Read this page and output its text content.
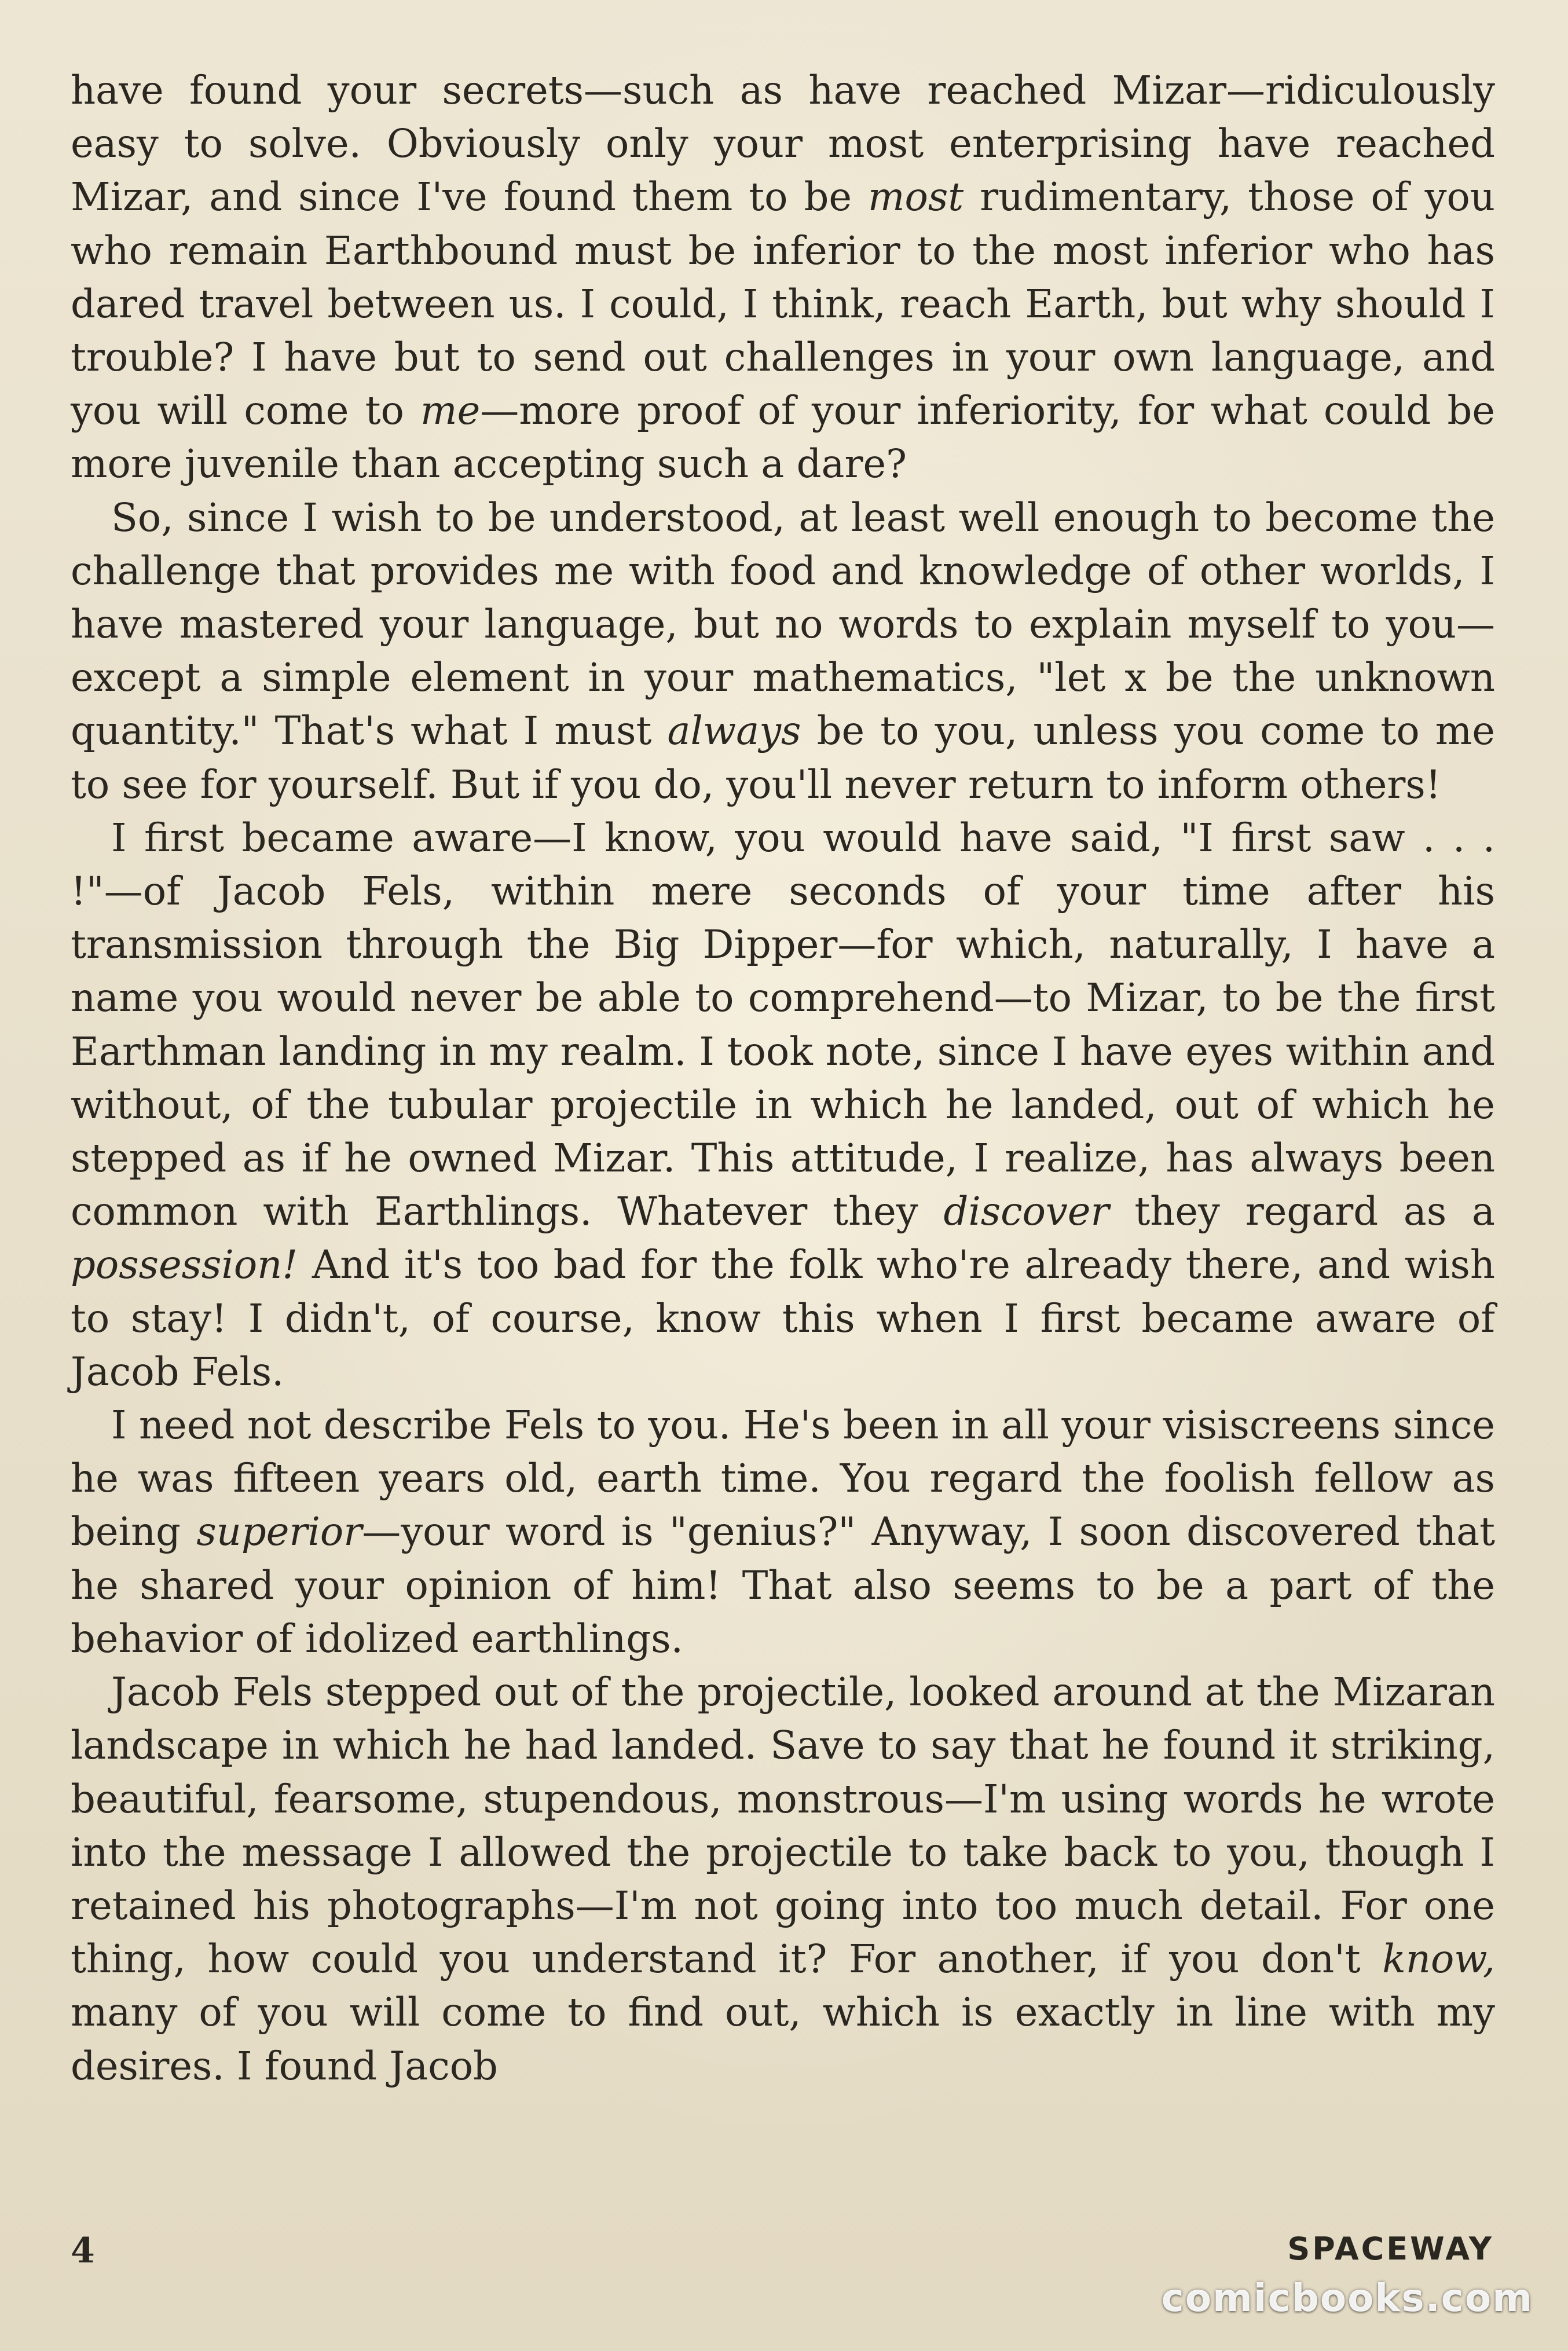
have found your secrets—such as have reached Mizar—ridiculously easy to solve. Obviously only your most enterprising have reached Mizar, and since I've found them to be most rudimentary, those of you who remain Earthbound must be inferior to the most inferior who has dared travel between us. I could, I think, reach Earth, but why should I trouble? I have but to send out challenges in your own language, and you will come to me—more proof of your inferiority, for what could be more juvenile than accepting such a dare?

So, since I wish to be understood, at least well enough to become the challenge that provides me with food and knowledge of other worlds, I have mastered your language, but no words to explain myself to you—except a simple element in your mathematics, "let x be the unknown quantity." That's what I must always be to you, unless you come to me to see for yourself. But if you do, you'll never return to inform others!

I first became aware—I know, you would have said, "I first saw . . . !"—of Jacob Fels, within mere seconds of your time after his transmission through the Big Dipper—for which, naturally, I have a name you would never be able to comprehend—to Mizar, to be the first Earthman landing in my realm. I took note, since I have eyes within and without, of the tubular projectile in which he landed, out of which he stepped as if he owned Mizar. This attitude, I realize, has always been common with Earthlings. Whatever they discover they regard as a possession! And it's too bad for the folk who're already there, and wish to stay! I didn't, of course, know this when I first became aware of Jacob Fels.

I need not describe Fels to you. He's been in all your visiscreens since he was fifteen years old, earth time. You regard the foolish fellow as being superior—your word is "genius?" Anyway, I soon discovered that he shared your opinion of him! That also seems to be a part of the behavior of idolized earthlings.

Jacob Fels stepped out of the projectile, looked around at the Mizaran landscape in which he had landed. Save to say that he found it striking, beautiful, fearsome, stupendous, monstrous—I'm using words he wrote into the message I allowed the projectile to take back to you, though I retained his photographs—I'm not going into too much detail. For one thing, how could you understand it? For another, if you don't know, many of you will come to find out, which is exactly in line with my desires. I found Jacob

4	SPACEWAY
comicbooks.com
